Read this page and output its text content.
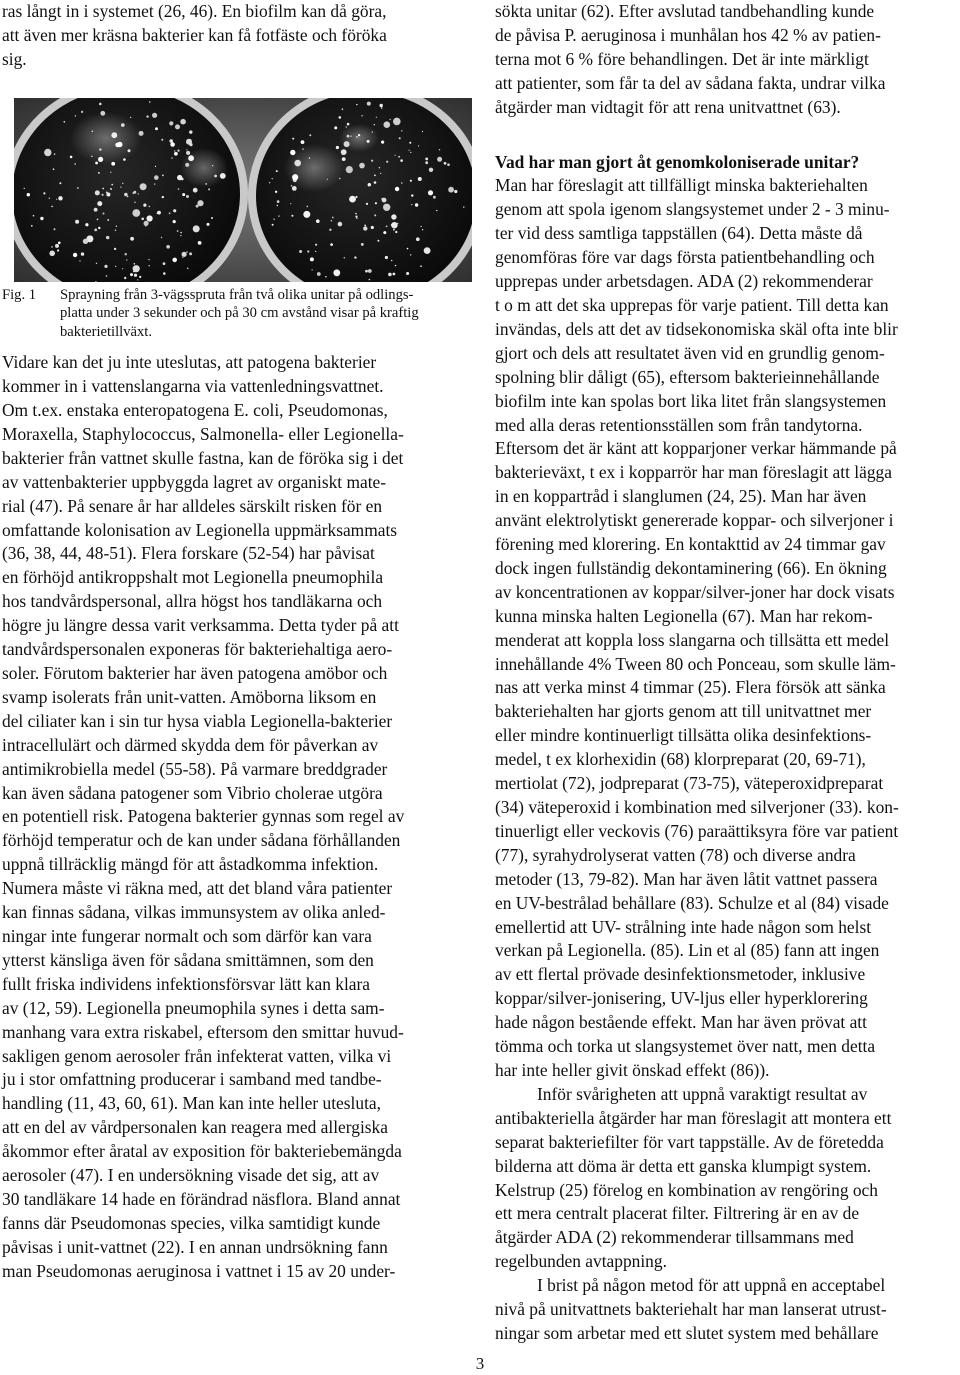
ras långt in i systemet (26, 46). En biofilm kan då göra,

att även mer kräsna bakterier kan få fotfäste och föröka

sig.

Fig. 1 Sprayning från 3-vägsspruta från två olika unitar på odlings-
platta under 3 sekunder och på 30 cm avstånd visar på kraftig
bakterietillväxt.

Vidare kan det ju inte uteslutas, att patogena bakterier

kommer in i vattenslangarna via vattenledningsvattnet.

Om t.ex. enstaka enteropatogena E. coli, Pseudomonas,

Moraxella, Staphylococcus, Salmonella- eller Legionella-

bakterier från vattnet skulle fastna, kan de föröka sig i det

av vattenbakterier uppbyggda lagret av organiskt mate-

rial (47). På senare år har alldeles särskilt risken för en

omfattande kolonisation av Legionella uppmärksammats

(36, 38, 44, 48-51). Flera forskare (52-54) har påvisat

en förhöjd antikroppshalt mot Legionella pneumophila

hos tandvårdspersonal, allra högst hos tandläkarna och

högre ju längre dessa varit verksamma. Detta tyder på att

tandvårdspersonalen exponeras för bakteriehaltiga aero-

soler. Förutom bakterier har även patogena amöbor och

svamp isolerats från unit-vatten. Amöborna liksom en

del ciliater kan i sin tur hysa viabla Legionella-bakterier

intracellulärt och därmed skydda dem för påverkan av

antimikrobiella medel (55-58). På varmare breddgrader

kan även sådana patogener som Vibrio cholerae utgöra

en potentiell risk. Patogena bakterier gynnas som regel av

förhöjd temperatur och de kan under sådana förhållanden

uppnå tillräcklig mängd för att åstadkomma infektion.

Numera måste vi räkna med, att det bland våra patienter

kan finnas sådana, vilkas immunsystem av olika anled-

ningar inte fungerar normalt och som därför kan vara

ytterst känsliga även för sådana smittämnen, som den

fullt friska individens infektionsförsvar lätt kan klara

av (12, 59). Legionella pneumophila synes i detta sam-

manhang vara extra riskabel, eftersom den smittar huvud-

sakligen genom aerosoler från infekterat vatten, vilka vi

ju i stor omfattning producerar i samband med tandbe-

handling (11, 43, 60, 61). Man kan inte heller utesluta,

att en del av vårdpersonalen kan reagera med allergiska

åkommor efter åratal av exposition för bakteriebemängda

aerosoler (47). I en undersökning visade det sig, att av

30 tandläkare 14 hade en förändrad näsflora. Bland annat

fanns där Pseudomonas species, vilka samtidigt kunde

påvisas i unit-vattnet (22). I en annan undrsökning fann

man Pseudomonas aeruginosa i vattnet i 15 av 20 under-

sökta unitar (62). Efter avslutad tandbehandling kunde

de påvisa P. aeruginosa i munhålan hos 42 % av patien-

terna mot 6 % före behandlingen. Det är inte märkligt

att patienter, som får ta del av sådana fakta, undrar vilka

åtgärder man vidtagit för att rena unitvattnet (63).

Vad har man gjort åt genomkoloniserade unitar?

Man har föreslagit att tillfälligt minska bakteriehalten

genom att spola igenom slangsystemet under 2 - 3 minu-

ter vid dess samtliga tappställen (64). Detta måste då

genomföras före var dags första patientbehandling och

upprepas under arbetsdagen. ADA (2) rekommenderar

t o m att det ska upprepas för varje patient. Till detta kan

invändas, dels att det av tidsekonomiska skäl ofta inte blir

gjort och dels att resultatet även vid en grundlig genom-

spolning blir dåligt (65), eftersom bakterieinnehållande

biofilm inte kan spolas bort lika litet från slangsystemen

med alla deras retentionsställen som från tandytorna.

Eftersom det är känt att kopparjoner verkar hämmande på

bakterieväxt, t ex i kopparrör har man föreslagit att lägga

in en koppartråd i slanglumen (24, 25). Man har även

använt elektrolytiskt genererade koppar- och silverjoner i

förening med klorering. En kontakttid av 24 timmar gav

dock ingen fullständig dekontaminering (66). En ökning

av koncentrationen av koppar/silver-joner har dock visats

kunna minska halten Legionella (67). Man har rekom-

menderat att koppla loss slangarna och tillsätta ett medel

innehållande 4% Tween 80 och Ponceau, som skulle läm-

nas att verka minst 4 timmar (25). Flera försök att sänka

bakteriehalten har gjorts genom att till unitvattnet mer

eller mindre kontinuerligt tillsätta olika desinfektions-

medel, t ex klorhexidin (68) klorpreparat (20, 69-71),

mertiolat (72), jodpreparat (73-75), väteperoxidpreparat

(34) väteperoxid i kombination med silverjoner (33). kon-

tinuerligt eller veckovis (76) paraättiksyra före var patient

(77), syrahydrolyserat vatten (78) och diverse andra

metoder (13, 79-82). Man har även låtit vattnet passera

en UV-bestrålad behållare (83). Schulze et al (84) visade

emellertid att UV- strålning inte hade någon som helst

verkan på Legionella. (85). Lin et al (85) fann att ingen

av ett flertal prövade desinfektionsmetoder, inklusive

koppar/silver-jonisering, UV-ljus eller hyperklorering

hade någon bestående effekt. Man har även prövat att

tömma och torka ut slangsystemet över natt, men detta

har inte heller givit önskad effekt (86)).

Inför svårigheten att uppnå varaktigt resultat av

antibakteriella åtgärder har man föreslagit att montera ett

separat bakteriefilter för vart tappställe. Av de företedda

bilderna att döma är detta ett ganska klumpigt system.

Kelstrup (25) förelog en kombination av rengöring och

ett mera centralt placerat filter. Filtrering är en av de

åtgärder ADA (2) rekommenderar tillsammans med

regelbunden avtappning.

I brist på någon metod för att uppnå en acceptabel

nivå på unitvattnets bakteriehalt har man lanserat utrust-

ningar som arbetar med ett slutet system med behållare

3
